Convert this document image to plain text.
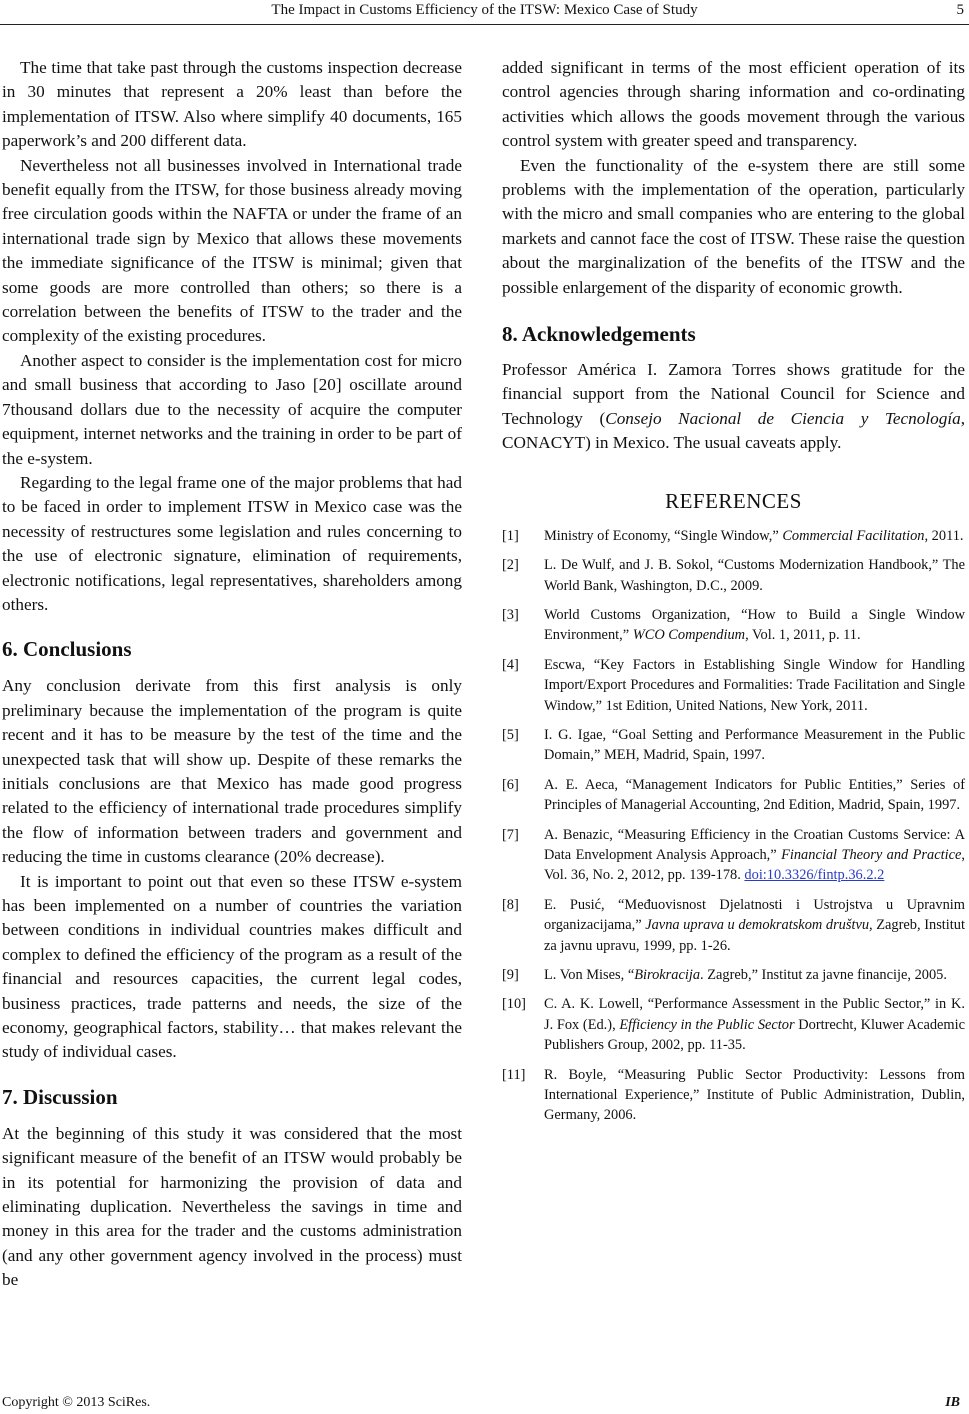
The Impact in Customs Efficiency of the ITSW: Mexico Case of Study	5

The time that take past through the customs inspection decrease in 30 minutes that represent a 20% least than before the implementation of ITSW. Also where simplify 40 documents, 165 paperwork’s and 200 different data.

Nevertheless not all businesses involved in International trade benefit equally from the ITSW, for those business already moving free circulation goods within the NAFTA or under the frame of an international trade sign by Mexico that allows these movements the immediate significance of the ITSW is minimal; given that some goods are more controlled than others; so there is a correlation between the benefits of ITSW to the trader and the complexity of the existing procedures.

Another aspect to consider is the implementation cost for micro and small business that according to Jaso [20] oscillate around 7thousand dollars due to the necessity of acquire the computer equipment, internet networks and the training in order to be part of the e-system.

Regarding to the legal frame one of the major problems that had to be faced in order to implement ITSW in Mexico case was the necessity of restructures some legislation and rules concerning to the use of electronic signature, elimination of requirements, electronic notifications, legal representatives, shareholders among others.

6. Conclusions

Any conclusion derivate from this first analysis is only preliminary because the implementation of the program is quite recent and it has to be measure by the test of the time and the unexpected task that will show up. Despite of these remarks the initials conclusions are that Mexico has made good progress related to the efficiency of international trade procedures simplify the flow of information between traders and government and reducing the time in customs clearance (20% decrease).

It is important to point out that even so these ITSW e-system has been implemented on a number of countries the variation between conditions in individual countries makes difficult and complex to defined the efficiency of the program as a result of the financial and resources capacities, the current legal codes, business practices, trade patterns and needs, the size of the economy, geographical factors, stability… that makes relevant the study of individual cases.

7. Discussion

At the beginning of this study it was considered that the most significant measure of the benefit of an ITSW would probably be in its potential for harmonizing the provision of data and eliminating duplication. Nevertheless the savings in time and money in this area for the trader and the customs administration (and any other government agency involved in the process) must be

added significant in terms of the most efficient operation of its control agencies through sharing information and co-ordinating activities which allows the goods movement through the various control system with greater speed and transparency.

Even the functionality of the e-system there are still some problems with the implementation of the operation, particularly with the micro and small companies who are entering to the global markets and cannot face the cost of ITSW. These raise the question about the marginalization of the benefits of the ITSW and the possible enlargement of the disparity of economic growth.

8. Acknowledgements

Professor América I. Zamora Torres shows gratitude for the financial support from the National Council for Science and Technology (Consejo Nacional de Ciencia y Tecnología, CONACYT) in Mexico. The usual caveats apply.

REFERENCES
[1] Ministry of Economy, “Single Window,” Commercial Facilitation, 2011.
[2] L. De Wulf, and J. B. Sokol, “Customs Modernization Handbook,” The World Bank, Washington, D.C., 2009.
[3] World Customs Organization, “How to Build a Single Window Environment,” WCO Compendium, Vol. 1, 2011, p. 11.
[4] Escwa, “Key Factors in Establishing Single Window for Handling Import/Export Procedures and Formalities: Trade Facilitation and Single Window,” 1st Edition, United Nations, New York, 2011.
[5] I. G. Igae, “Goal Setting and Performance Measurement in the Public Domain,” MEH, Madrid, Spain, 1997.
[6] A. E. Aeca, “Management Indicators for Public Entities,” Series of Principles of Managerial Accounting, 2nd Edition, Madrid, Spain, 1997.
[7] A. Benazic, “Measuring Efficiency in the Croatian Customs Service: A Data Envelopment Analysis Approach,” Financial Theory and Practice, Vol. 36, No. 2, 2012, pp. 139-178. doi:10.3326/fintp.36.2.2
[8] E. Pusić, “Međuovisnost Djelatnosti i Ustrojstva u Upravnim organizacijama,” Javna uprava u demokratskom društvu, Zagreb, Institut za javnu upravu, 1999, pp. 1-26.
[9] L. Von Mises, “Birokracija. Zagreb,” Institut za javne financije, 2005.
[10] C. A. K. Lowell, “Performance Assessment in the Public Sector,” in K. J. Fox (Ed.), Efficiency in the Public Sector Dortrecht, Kluwer Academic Publishers Group, 2002, pp. 11-35.
[11] R. Boyle, “Measuring Public Sector Productivity: Lessons from International Experience,” Institute of Public Administration, Dublin, Germany, 2006.
Copyright © 2013 SciRes.	IB
